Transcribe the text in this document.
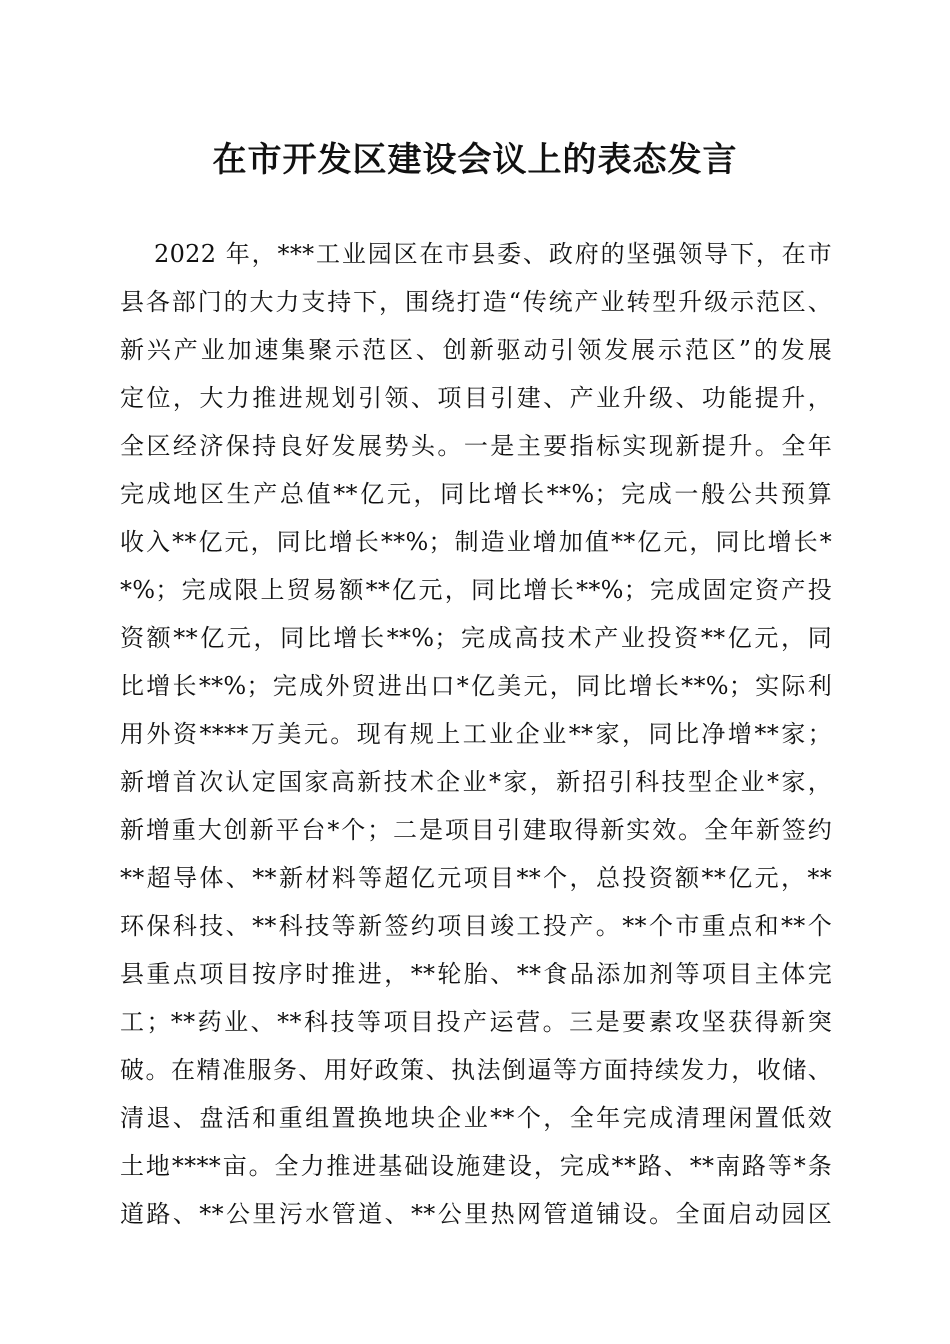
在市开发区建设会议上的表态发言
2022 年，***工业园区在市县委、政府的坚强领导下，在市
县各部门的大力支持下，围绕打造“传统产业转型升级示范区、
新兴产业加速集聚示范区、创新驱动引领发展示范区”的发展
定位，大力推进规划引领、项目引建、产业升级、功能提升，
全区经济保持良好发展势头。一是主要指标实现新提升。全年
完成地区生产总值**亿元，同比增长**%；完成一般公共预算
收入**亿元，同比增长**%；制造业增加值**亿元，同比增长*
*%；完成限上贸易额**亿元，同比增长**%；完成固定资产投
资额**亿元，同比增长**%；完成高技术产业投资**亿元，同
比增长**%；完成外贸进出口*亿美元，同比增长**%；实际利
用外资****万美元。现有规上工业企业**家，同比净增**家；
新增首次认定国家高新技术企业*家，新招引科技型企业*家，
新增重大创新平台*个；二是项目引建取得新实效。全年新签约
**超导体、**新材料等超亿元项目**个，总投资额**亿元，**
环保科技、**科技等新签约项目竣工投产。**个市重点和**个
县重点项目按序时推进，**轮胎、**食品添加剂等项目主体完
工；**药业、**科技等项目投产运营。三是要素攻坚获得新突
破。在精准服务、用好政策、执法倒逼等方面持续发力，收储、
清退、盘活和重组置换地块企业**个，全年完成清理闲置低效
土地****亩。全力推进基础设施建设，完成**路、**南路等*条
道路、**公里污水管道、**公里热网管道铺设。全面启动园区
